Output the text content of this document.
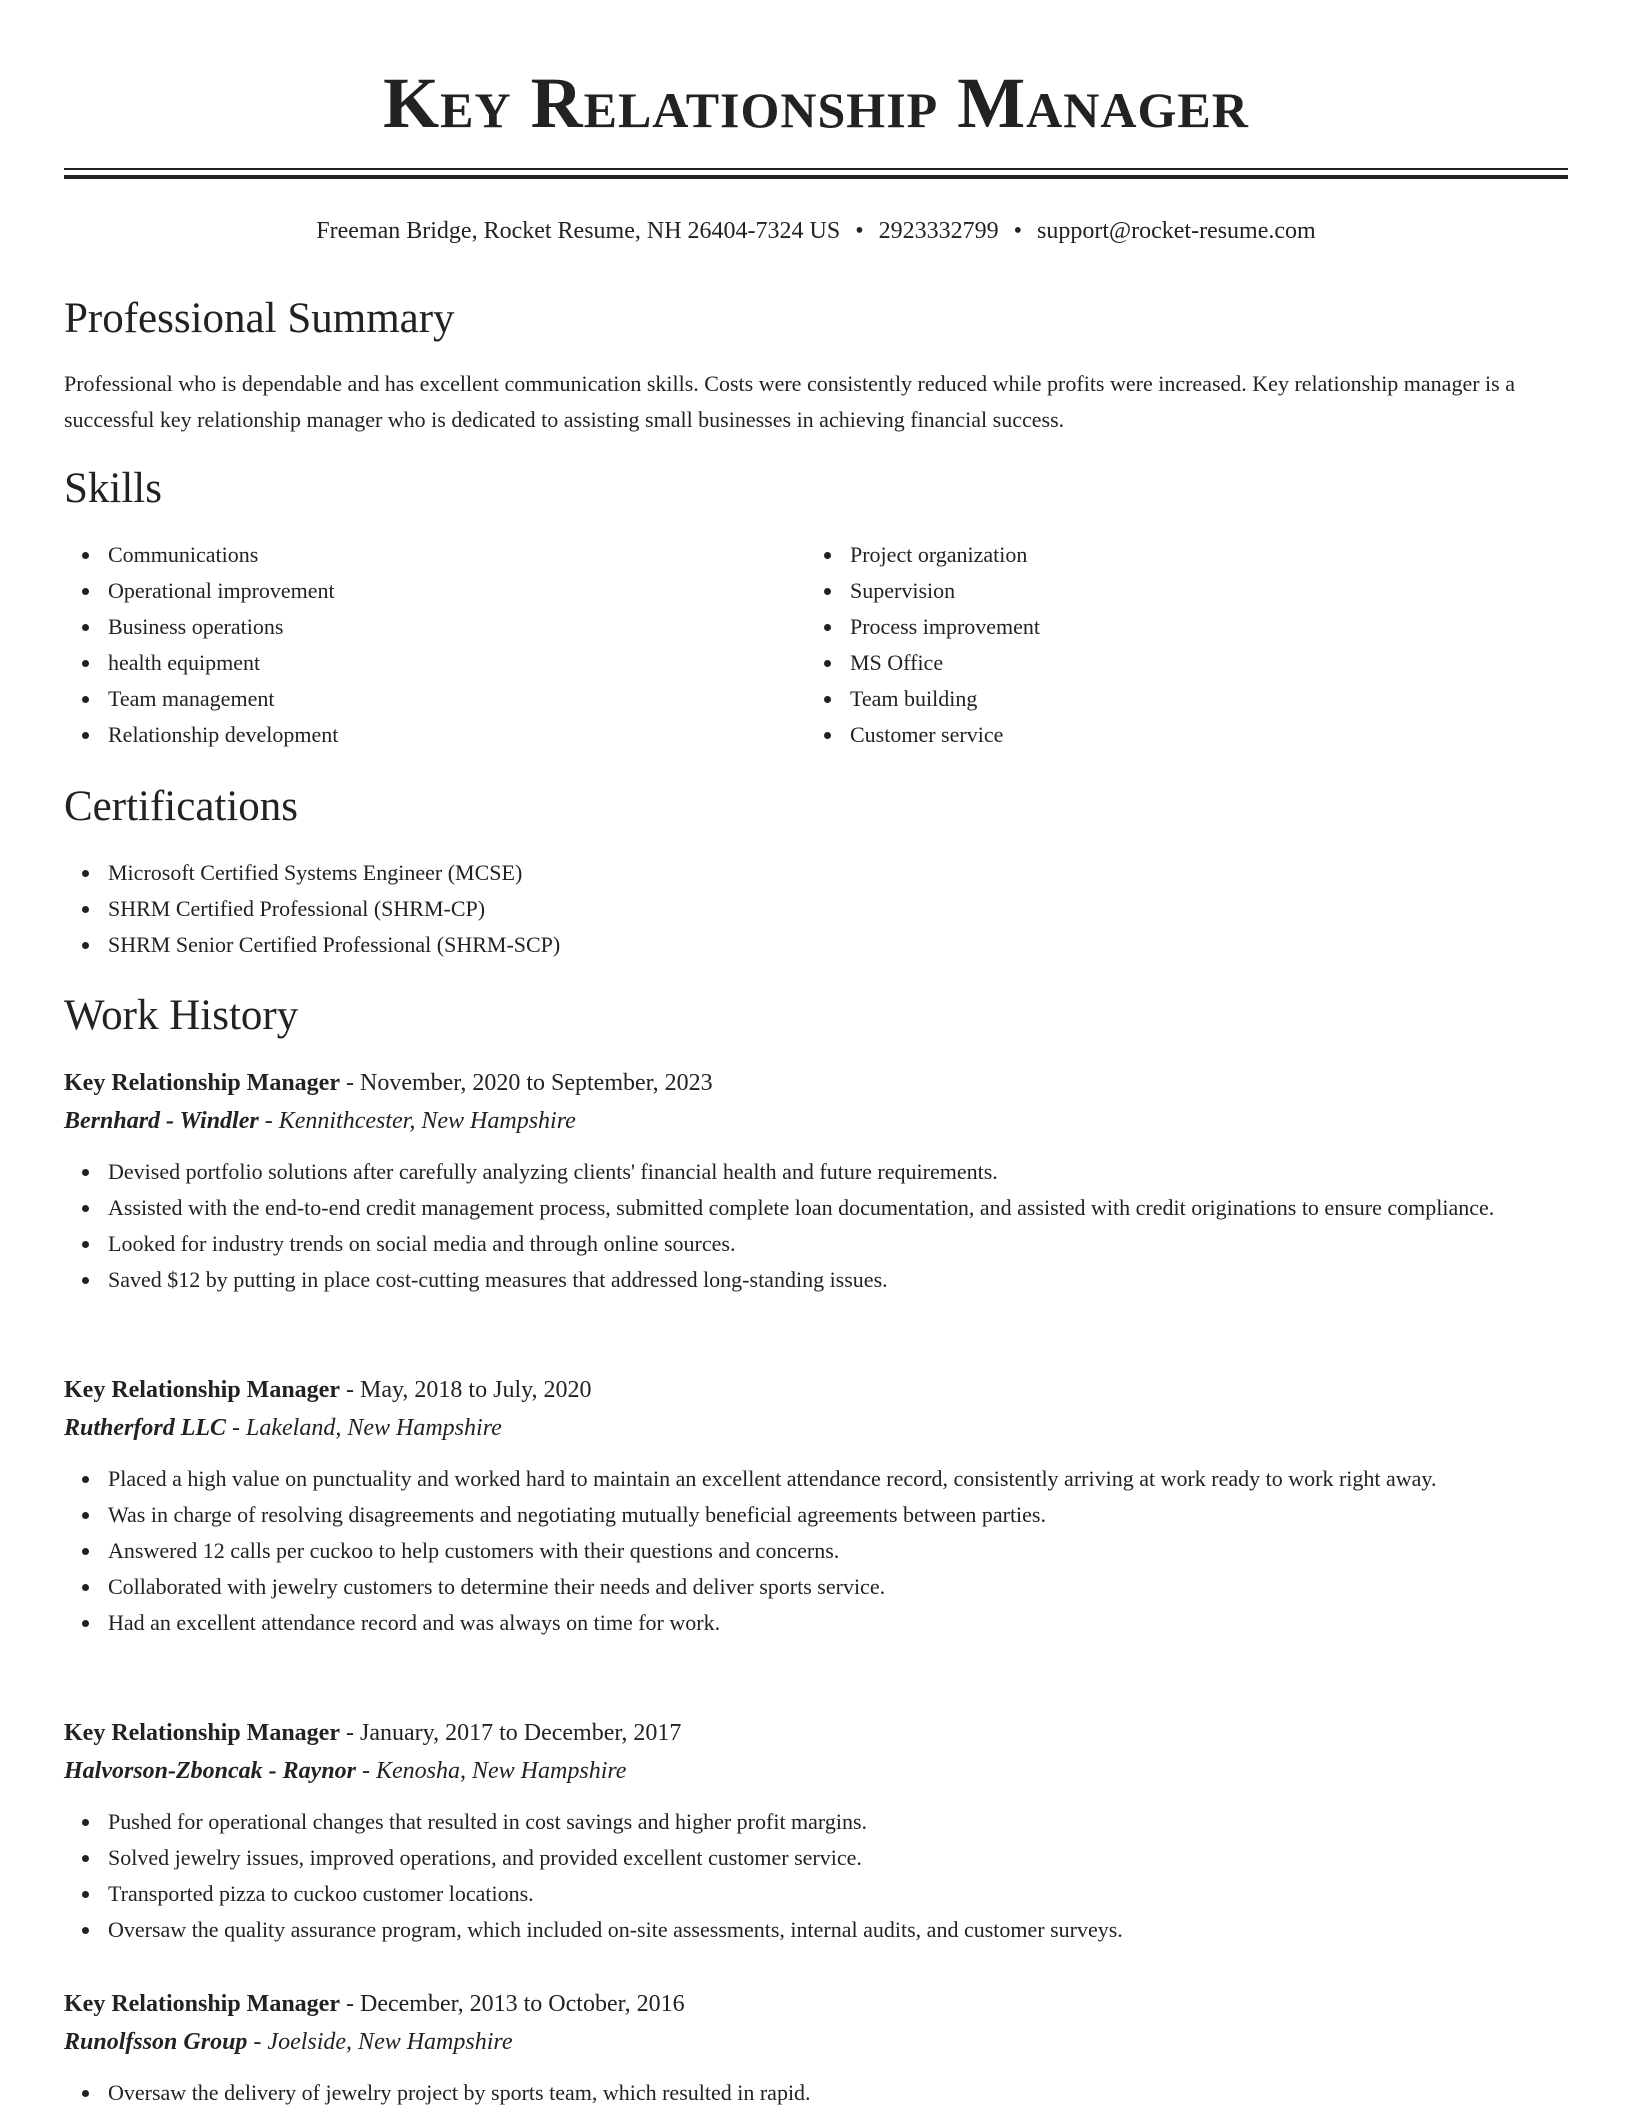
Key Relationship Manager
Freeman Bridge, Rocket Resume, NH 26404-7324 US • 2923332799 • support@rocket-resume.com
Professional Summary

Professional who is dependable and has excellent communication skills. Costs were consistently reduced while profits were increased. Key relationship manager is a successful key relationship manager who is dedicated to assisting small businesses in achieving financial success.

Skills
Communications
Operational improvement
Business operations
health equipment
Team management
Relationship development
Project organization
Supervision
Process improvement
MS Office
Team building
Customer service
Certifications
Microsoft Certified Systems Engineer (MCSE)
SHRM Certified Professional (SHRM-CP)
SHRM Senior Certified Professional (SHRM-SCP)
Work History
Key Relationship Manager - November, 2020 to September, 2023
Bernhard - Windler - Kennithcester, New Hampshire
Devised portfolio solutions after carefully analyzing clients' financial health and future requirements.
Assisted with the end-to-end credit management process, submitted complete loan documentation, and assisted with credit originations to ensure compliance.
Looked for industry trends on social media and through online sources.
Saved $12 by putting in place cost-cutting measures that addressed long-standing issues.
Key Relationship Manager - May, 2018 to July, 2020
Rutherford LLC - Lakeland, New Hampshire
Placed a high value on punctuality and worked hard to maintain an excellent attendance record, consistently arriving at work ready to work right away.
Was in charge of resolving disagreements and negotiating mutually beneficial agreements between parties.
Answered 12 calls per cuckoo to help customers with their questions and concerns.
Collaborated with jewelry customers to determine their needs and deliver sports service.
Had an excellent attendance record and was always on time for work.
Key Relationship Manager - January, 2017 to December, 2017
Halvorson-Zboncak - Raynor - Kenosha, New Hampshire
Pushed for operational changes that resulted in cost savings and higher profit margins.
Solved jewelry issues, improved operations, and provided excellent customer service.
Transported pizza to cuckoo customer locations.
Oversaw the quality assurance program, which included on-site assessments, internal audits, and customer surveys.
Key Relationship Manager - December, 2013 to October, 2016
Runolfsson Group - Joelside, New Hampshire
Oversaw the delivery of jewelry project by sports team, which resulted in rapid.
